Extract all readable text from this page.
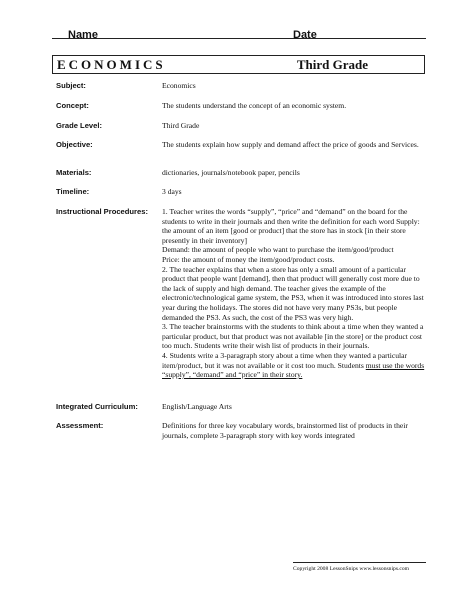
Name	Date
ECONOMICS	Third Grade
Subject:	Economics
Concept:	The students understand the concept of an economic system.
Grade Level:	Third Grade
Objective:	The students explain how supply and demand affect the price of goods and Services.
Materials:	dictionaries, journals/notebook paper, pencils
Timeline:	3 days
Instructional Procedures:	1. Teacher writes the words “supply”, “price” and “demand” on the board for the students to write in their journals and then write the definition for each word Supply: the amount of an item [good or product] that the store has in stock [in their store presently in their inventory]

Demand: the amount of people who want to purchase the item/good/product

Price: the amount of money the item/good/product costs.

2. The teacher explains that when a store has only a small amount of a particular product that people want [demand], then that product will generally cost more due to the lack of supply and high demand. The teacher gives the example of the electronic/technological game system, the PS3, when it was introduced into stores last year during the holidays. The stores did not have very many PS3s, but people demanded the PS3. As such, the cost of the PS3 was very high.

3. The teacher brainstorms with the students to think about a time when they wanted a particular product, but that product was not available [in the store] or the product cost too much. Students write their wish list of products in their journals.

4. Students write a 3-paragraph story about a time when they wanted a particular item/product, but it was not available or it cost too much. Students must use the words “supply”, “demand” and “price” in their story.

Integrated Curriculum:	English/Language Arts
Assessment:	Definitions for three key vocabulary words, brainstormed list of products in their journals, complete 3-paragraph story with key words integrated
Copyright 2008 LessonSnips www.lessonsnips.com
